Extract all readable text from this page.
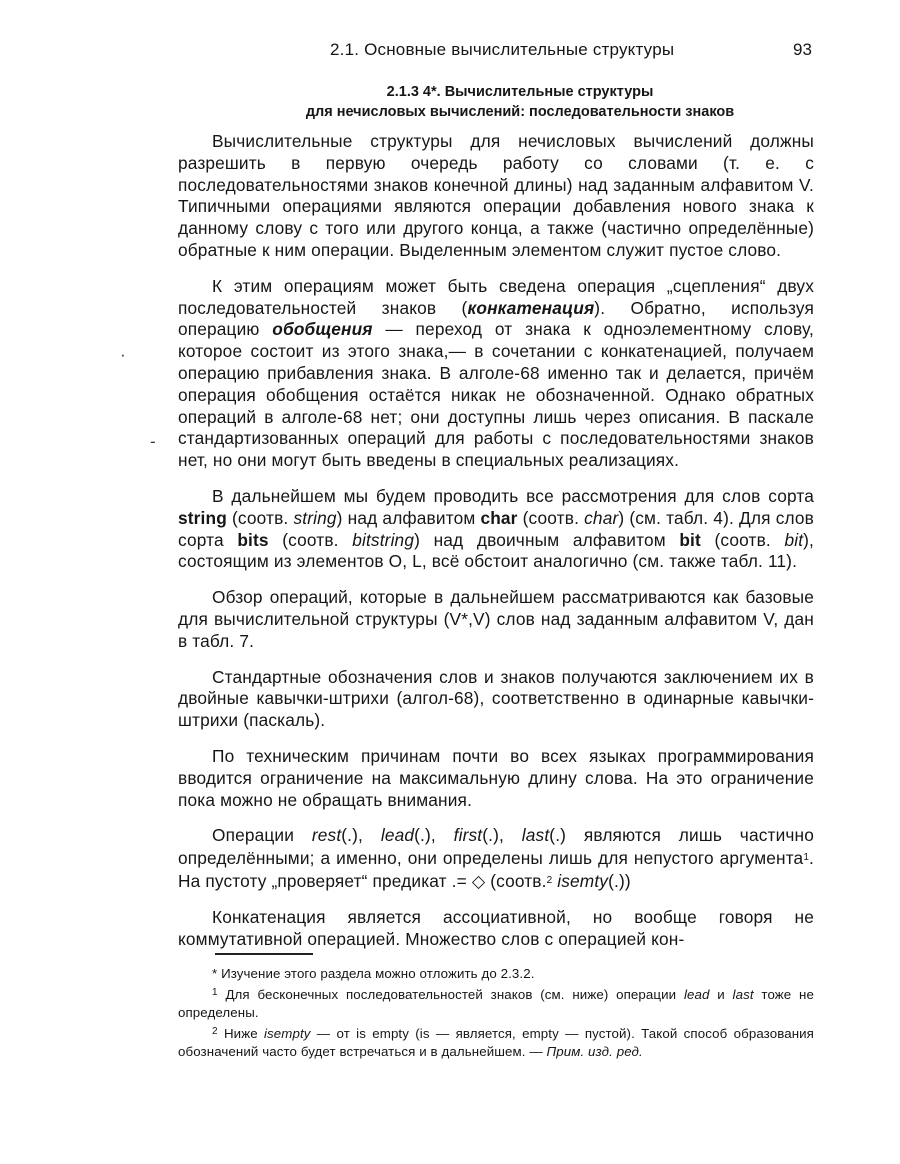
2.1. Основные вычислительные структуры	93
2.1.3 4*. Вычислительные структуры
для нечисловых вычислений: последовательности знаков
·
-

Вычислительные структуры для нечисловых вычислений должны разрешить в первую очередь работу со словами (т. е. с последовательностями знаков конечной длины) над заданным алфавитом V. Типичными операциями являются операции добавления нового знака к данному слову с того или другого конца, а также (частично определённые) обратные к ним операции. Выделенным элементом служит пустое слово.

К этим операциям может быть сведена операция „сцепления“ двух последовательностей знаков (конкатенация). Обратно, используя операцию обобщения — переход от знака к одноэлементному слову, которое состоит из этого знака,— в сочетании с конкатенацией, получаем операцию прибавления знака. В алголе-68 именно так и делается, причём операция обобщения остаётся никак не обозначенной. Однако обратных операций в алголе-68 нет; они доступны лишь через описания. В паскале стандартизованных операций для работы с последовательностями знаков нет, но они могут быть введены в специальных реализациях.

В дальнейшем мы будем проводить все рассмотрения для слов сорта string (соотв. string) над алфавитом char (соотв. char) (см. табл. 4). Для слов сорта bits (соотв. bitstring) над двоичным алфавитом bit (соотв. bit), состоящим из элементов O, L, всё обстоит аналогично (см. также табл. 11).

Обзор операций, которые в дальнейшем рассматриваются как базовые для вычислительной структуры (V*,V) слов над заданным алфавитом V, дан в табл. 7.

Стандартные обозначения слов и знаков получаются заключением их в двойные кавычки-штрихи (алгол-68), соответственно в одинарные кавычки-штрихи (паскаль).

По техническим причинам почти во всех языках программирования вводится ограничение на максимальную длину слова. На это ограничение пока можно не обращать внимания.

Операции rest(.), lead(.), first(.), last(.) являются лишь частично определёнными; а именно, они определены лишь для непустого аргумента$^1$. На пустоту „проверяет“ предикат .= ◇ (соотв.$^2$ isemty(.))

Конкатенация является ассоциативной, но вообще говоря не коммутативной операцией. Множество слов с операцией кон-

* Изучение этого раздела можно отложить до 2.3.2.

$^1$ Для бесконечных последовательностей знаков (см. ниже) операции lead и last тоже не определены.

$^2$ Ниже isempty — от is empty (is — является, empty — пустой). Такой способ образования обозначений часто будет встречаться и в дальнейшем. — Прим. изд. ред.
